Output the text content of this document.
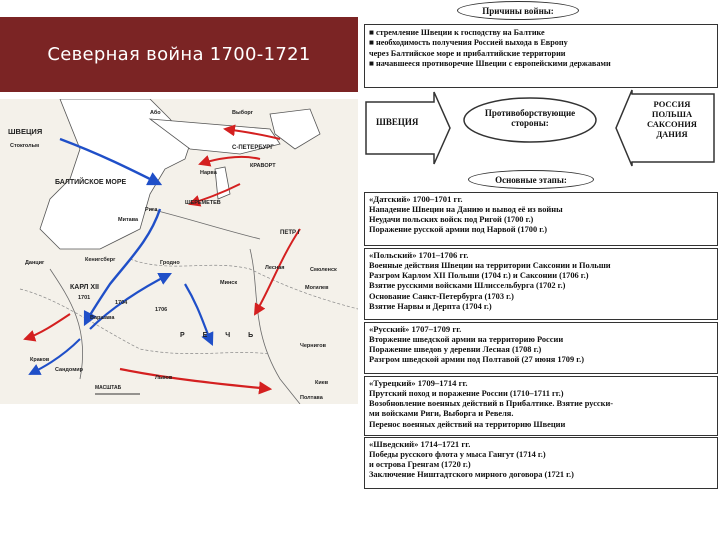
Северная война 1700-1721
ШВЕЦИЯ
Стокгольм
БАЛТИЙСКОЕ МОРЕ
Або	Выборг
С-ПЕТЕРБУРГ
КРАВОРТ
Нарва
Рига
Митава
ШЕРЕМЕТЕВ
ПЕТР I
Данциг	Кенигсберг
КАРЛ XII
1701
1704
1706
Варшава
Гродно
Минск
Могилев
Смоленск
Лесная
Чернигов
Р Е Ч Ь
Киев
Полтава
Краков
Сандомир
Львов
МАСШТАБ
Причины войны:
■ стремление Швеции к господству на Балтике
■ необходимость получения Россией выхода в Европу
через Балтийское море и прибалтийские территории
■ начавшееся противоречие Швеции с европейскими державами
ШВЕЦИЯ
Противоборствующие стороны:
РОССИЯ
ПОЛЬША
САКСОНИЯ
ДАНИЯ
Основные этапы:
«Датский» 1700–1701 гг.
Нападение Швеции на Данию и вывод её из войны
Неудачи польских войск под Ригой (1700 г.)
Поражение русской армии под Нарвой (1700 г.)
«Польский» 1701–1706 гг.
Военные действия Швеции на территории Саксонии и Польши
Разгром Карлом XII Польши (1704 г.) и Саксонии (1706 г.)
Взятие русскими войсками Шлиссельбурга (1702 г.)
Основание Санкт-Петербурга (1703 г.)
Взятие Нарвы и Дерпта (1704 г.)
«Русский» 1707–1709 гг.
Вторжение шведской армии на территорию России
Поражение шведов у деревни Лесная (1708 г.)
Разгром шведской армии под Полтавой (27 июня 1709 г.)
«Турецкий» 1709–1714 гг.
Прутский поход и поражение России (1710–1711 гг.)
Возобновление военных действий в Прибалтике. Взятие русски-
ми войсками Риги, Выборга и Ревеля.
Перенос военных действий на территорию Швеции
«Шведский» 1714–1721 гг.
Победы русского флота у мыса Гангут (1714 г.)
и острова Гренгам (1720 г.)
Заключение Ништадтского мирного договора (1721 г.)
